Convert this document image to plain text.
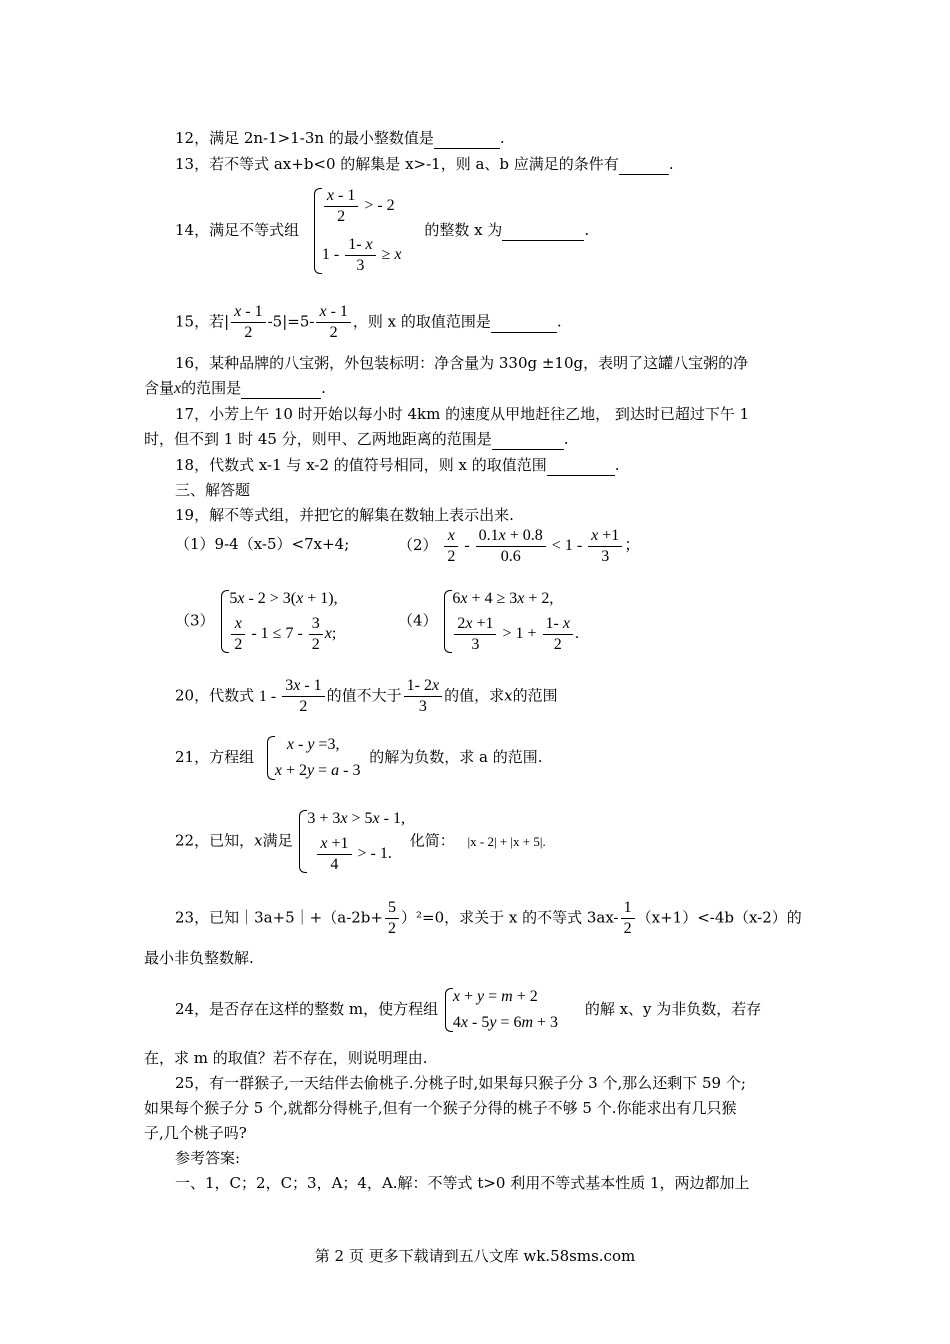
12，满足 2n-1>1-3n 的最小整数值是	.
13，若不等式 ax+b<0 的解集是 x>-1，则 a、b 应满足的条件有	.
14，满足不等式组
$\frac{x - 1}{2}$ > - 2
$1 - \frac{1- x}{3} \ge x$
的整数 x 为	.
15，若| $\frac{x - 1}{2} -5|=5- \frac{x - 1}{2}$ ，则 x 的取值范围是	.
16，某种品牌的八宝粥，外包装标明：净含量为 330g ±10g，表明了这罐八宝粥的净
含量x的范围是	.
17，小芳上午 10 时开始以每小时 4km 的速度从甲地赶往乙地， 到达时已超过下午 1
时，但不到 1 时 45 分，则甲、乙两地距离的范围是	.
18，代数式 x-1 与 x-2 的值符号相同，则 x 的取值范围	.
三、解答题
19，解不等式组，并把它的解集在数轴上表示出来.
（1）9-4（x-5）<7x+4;	$(2) \frac{x}{2} - \frac{0.1x + 0.8}{0.6} < 1 - \frac{x +1}{3}$ ；
（3）
5x - 2 > 3(x + 1),
$\frac{x}{2} - 1 \le 7 - \frac{3}{2} x$;
（4）
6x + 4 ≥ 3x + 2,
$\frac{2x +1}{3} > 1 + \frac{1- x}{2}$ .
20，代数式 $1 - \frac{3x - 1}{2}$ 的值不大于 $\frac{1- 2x}{3}$ 的值，求x的范围
21，方程组
x - y =3,
x + 2y = a - 3
的解为负数，求 a 的范围.
22，已知，x满足
3 + 3x > 5x - 1,

$\frac{x +1}{4}$ > - 1.
化简： |x - 2| + |x + 5|.
23，已知｜3a+5｜+（a-2b+ $\frac{5}{2} )^2=0$，求关于 x 的不等式 $3ax- \frac{1}{2} (x+1)<-4b(x-2)$的
最小非负整数解.
24，是否存在这样的整数 m，使方程组
x + y = m + 2
4x - 5y = 6m + 3
的解 x、y 为非负数，若存
在，求 m 的取值？若不存在，则说明理由.
25，有一群猴子,一天结伴去偷桃子.分桃子时,如果每只猴子分 3 个,那么还剩下 59 个;
如果每个猴子分 5 个,就都分得桃子,但有一个猴子分得的桃子不够 5 个.你能求出有几只猴
子,几个桃子吗?
参考答案:
一、1，C；2，C；3，A；4，A.解：不等式 t>0 利用不等式基本性质 1，两边都加上
第 2 页 更多下载请到五八文库 wk.58sms.com
